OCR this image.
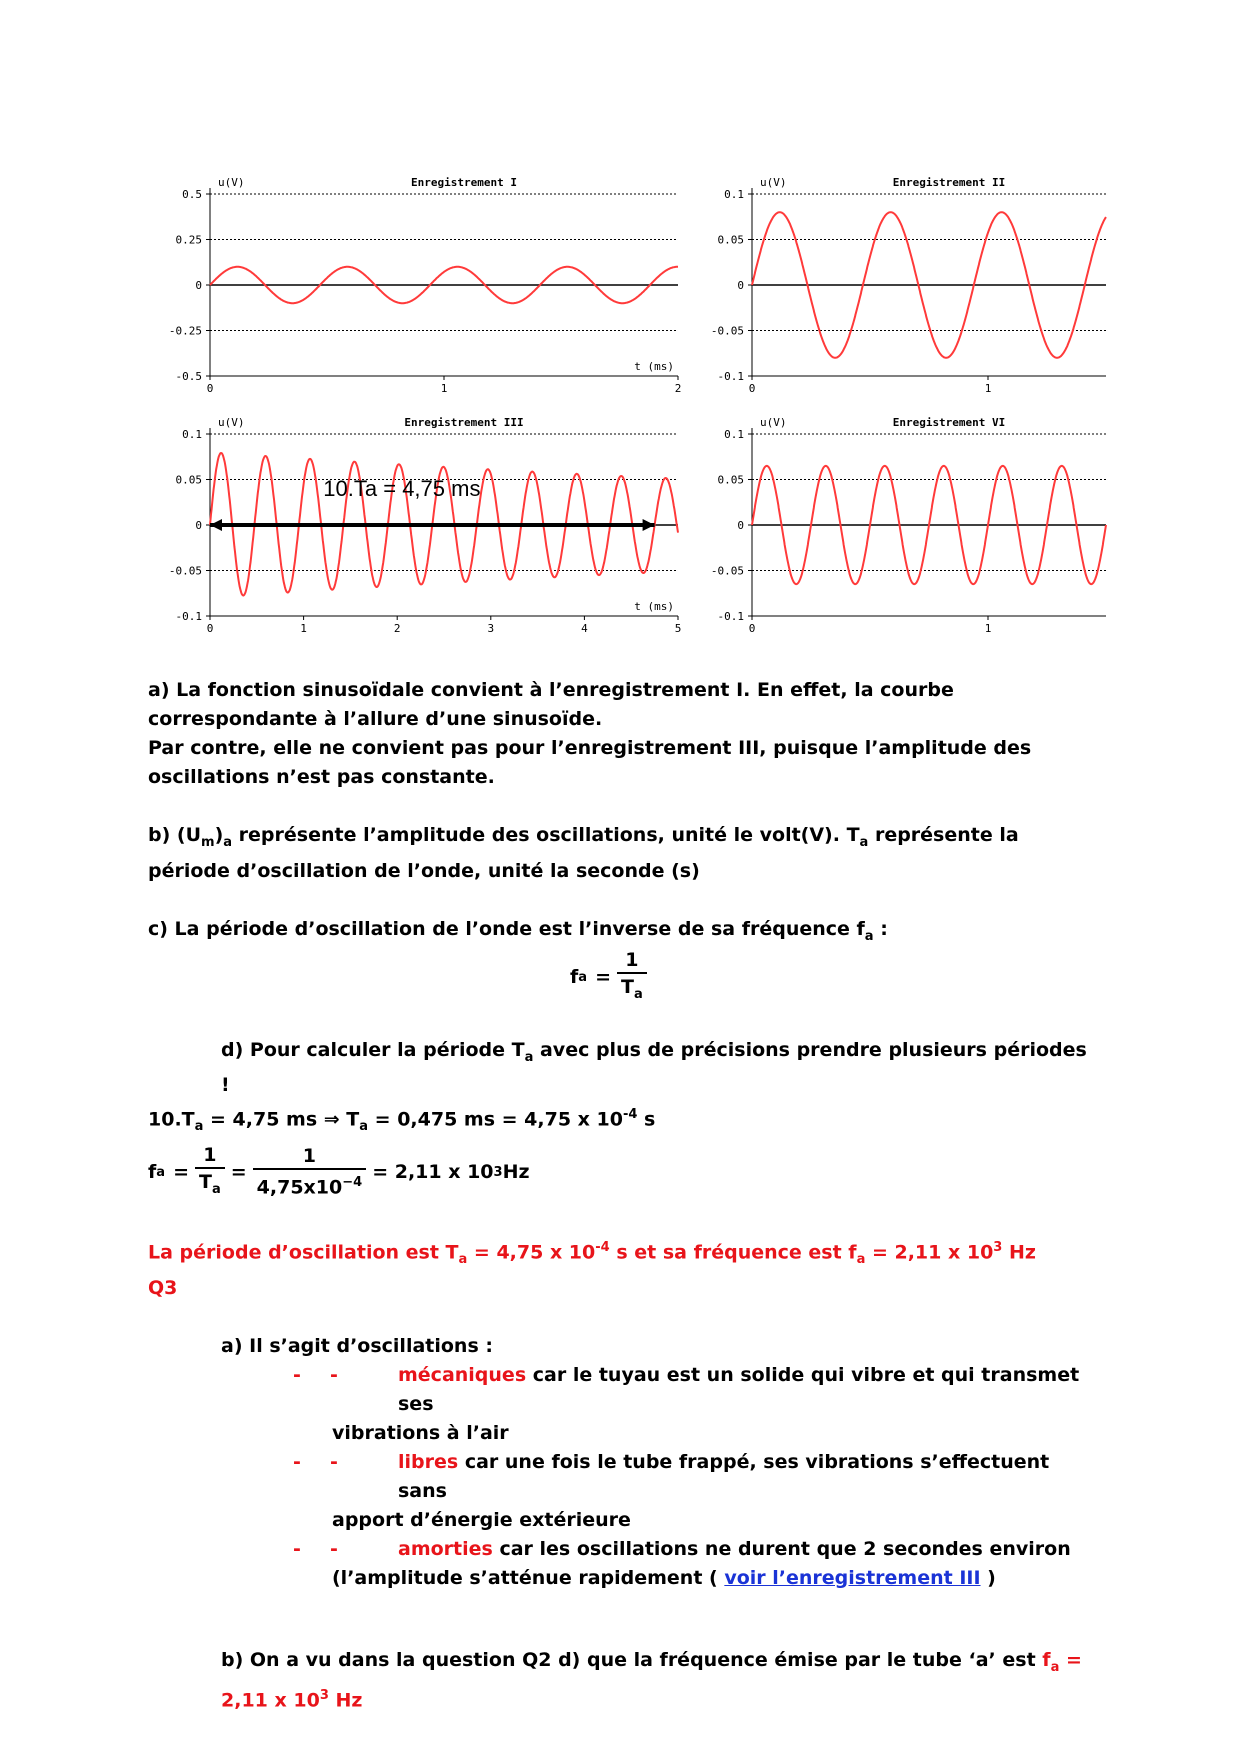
Enregistrement I
u(V)
0.5
0.25
0
-0.25
-0.5
0	1	2
t (ms)
Enregistrement II
u(V)
0.1
0.05
0
-0.05
-0.1
0	1
Enregistrement III
u(V)
0.1
0.05
0
-0.05
-0.1
0	1	2	3	4	5
t (ms)
10.Ta = 4,75 ms
Enregistrement VI
u(V)
0.1
0.05
0
-0.05
-0.1
0	1

a) La fonction sinusoïdale convient à l’enregistrement I. En effet, la courbe correspondante à l’allure d’une sinusoïde.

Par contre, elle ne convient pas pour l’enregistrement III, puisque l’amplitude des oscillations n’est pas constante.

b) $(U_m)_a$ représente l’amplitude des oscillations, unité le volt(V). $T_a$ représente la période d’oscillation de l’onde, unité la seconde (s)

c) La période d’oscillation de l’onde est l’inverse de sa fréquence $f_a$ :

f $a = \frac{1}{T_a}$

d) Pour calculer la période $T_a$ avec plus de précisions prendre plusieurs périodes !

$10.T_a = 4,75$ ms ⇒ $T_a = 0,475$ ms = 4,75 x $10^{-4}$ s

f $a = \frac{1}{T_a} = \frac{1}{4,75x10^{-4}} = 2,11$ x 10 3 Hz

La période d’oscillation est $T_a = 4,75$ x $10^{-4}$ s et sa fréquence est $f_a = 2,11$ x $10^3$ Hz

Q3

a) Il s’agit d’oscillations :

- -	mécaniques car le tuyau est un solide qui vibre et qui transmet ses
vibrations à l’air
- -	libres car une fois le tube frappé, ses vibrations s’effectuent sans
apport d’énergie extérieure
- -	amorties car les oscillations ne durent que 2 secondes environ
(l’amplitude s’atténue rapidement ( voir l’enregistrement III )

b) On a vu dans la question Q2 d) que la fréquence émise par le tube ‘a’ est $f_a$ =

2,11 x $10^3$ Hz
